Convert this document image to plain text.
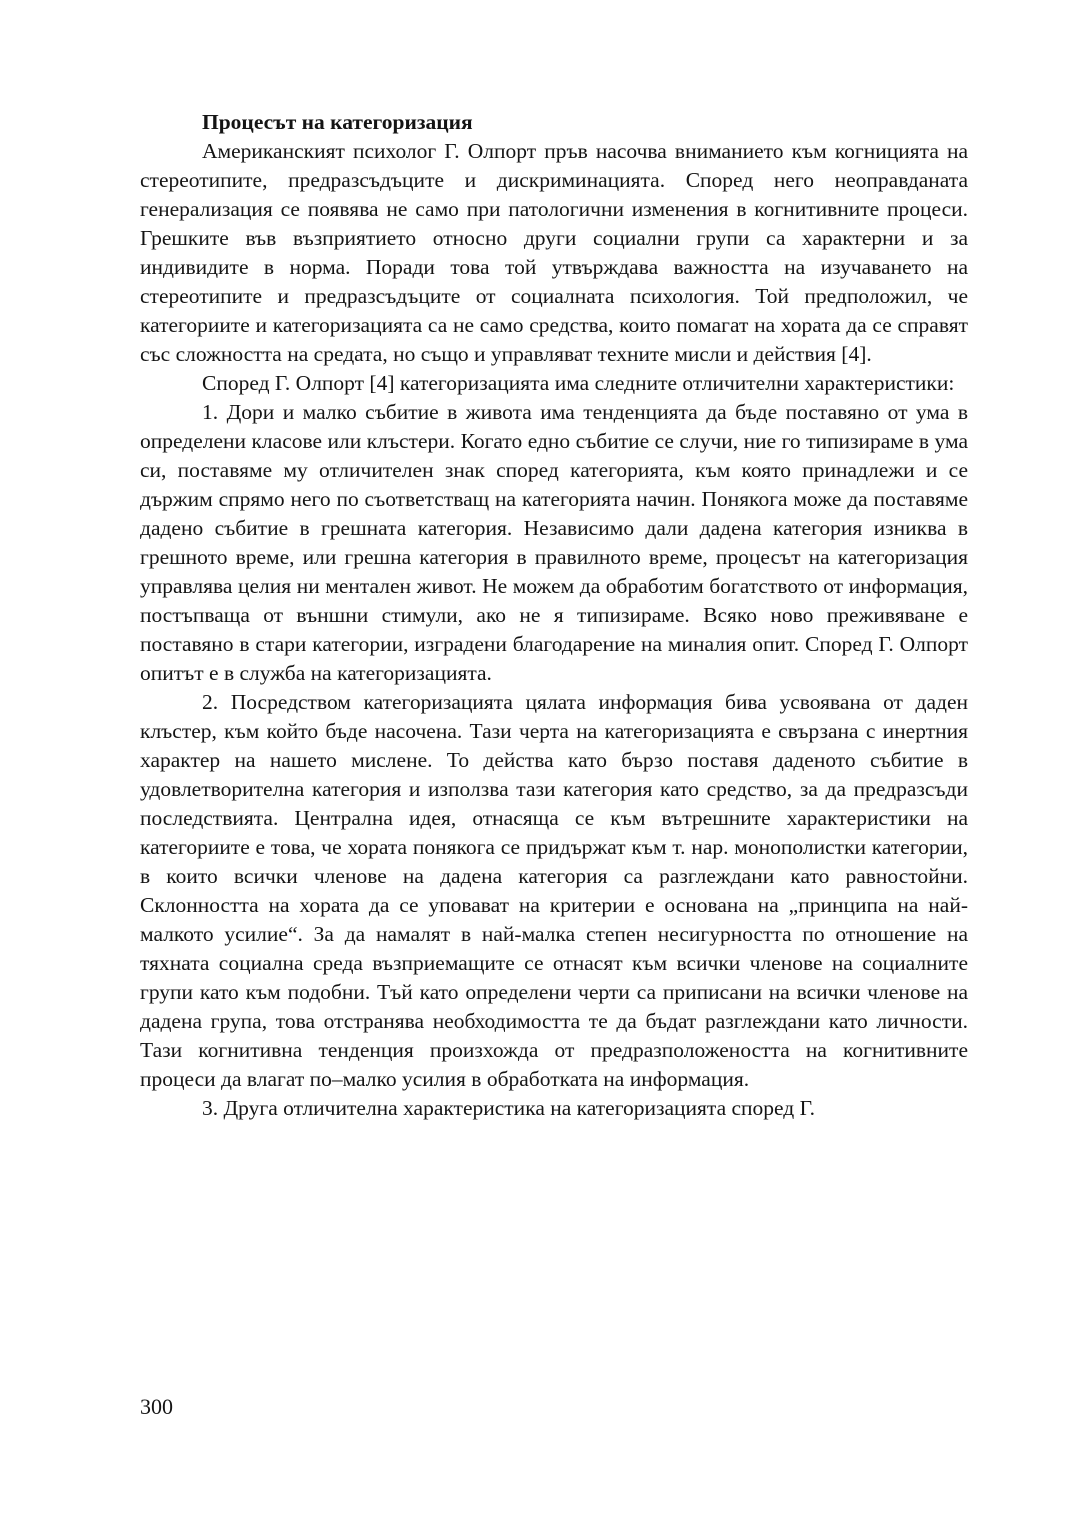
Процесът на категоризация

Американският психолог Г. Олпорт пръв насочва вниманието към когницията на стереотипите, предразсъдъците и дискриминацията. Според него неоправданата генерализация се появява не само при патологични изменения в когнитивните процеси. Грешките във възприятието относно други социални групи са характерни и за индивидите в норма. Поради това той утвърждава важността на изучаването на стереотипите и предразсъдъците от социалната психология. Той предположил, че категориите и категоризацията са не само средства, които помагат на хората да се справят със сложността на средата, но също и управляват техните мисли и действия [4].

Според Г. Олпорт [4] категоризацията има следните отличителни характеристики:

1. Дори и малко събитие в живота има тенденцията да бъде поставяно от ума в определени класове или клъстери. Когато едно събитие се случи, ние го типизираме в ума си, поставяме му отличителен знак според категорията, към която принадлежи и се държим спрямо него по съответстващ на категорията начин. Понякога може да поставяме дадено събитие в грешната категория. Независимо дали дадена категория изниква в грешното време, или грешна категория в правилното време, процесът на категоризация управлява целия ни ментален живот. Не можем да обработим богатството от информация, постъпваща от външни стимули, ако не я типизираме. Всяко ново преживяване е поставяно в стари категории, изградени благодарение на миналия опит. Според Г. Олпорт опитът е в служба на категоризацията.

2. Посредством категоризацията цялата информация бива усвоявана от даден клъстер, към който бъде насочена. Тази черта на категоризацията е свързана с инертния характер на нашето мислене. То действа като бързо поставя даденото събитие в удовлетворителна категория и използва тази категория като средство, за да предразсъди последствията. Централна идея, отнасяща се към вътрешните характеристики на категориите е това, че хората понякога се придържат към т. нар. монополистки категории, в които всички членове на дадена категория са разглеждани като равностойни. Склонността на хората да се уповават на критерии е основана на „принципа на най-малкото усилие“. За да намалят в най-малка степен несигурността по отношение на тяхната социална среда възприемащите се отнасят към всички членове на социалните групи като към подобни. Тъй като определени черти са приписани на всички членове на дадена група, това отстранява необходимостта те да бъдат разглеждани като личности. Тази когнитивна тенденция произхожда от предразположеността на когнитивните процеси да влагат по–малко усилия в обработката на информация.

3. Друга отличителна характеристика на категоризацията според Г.

300
